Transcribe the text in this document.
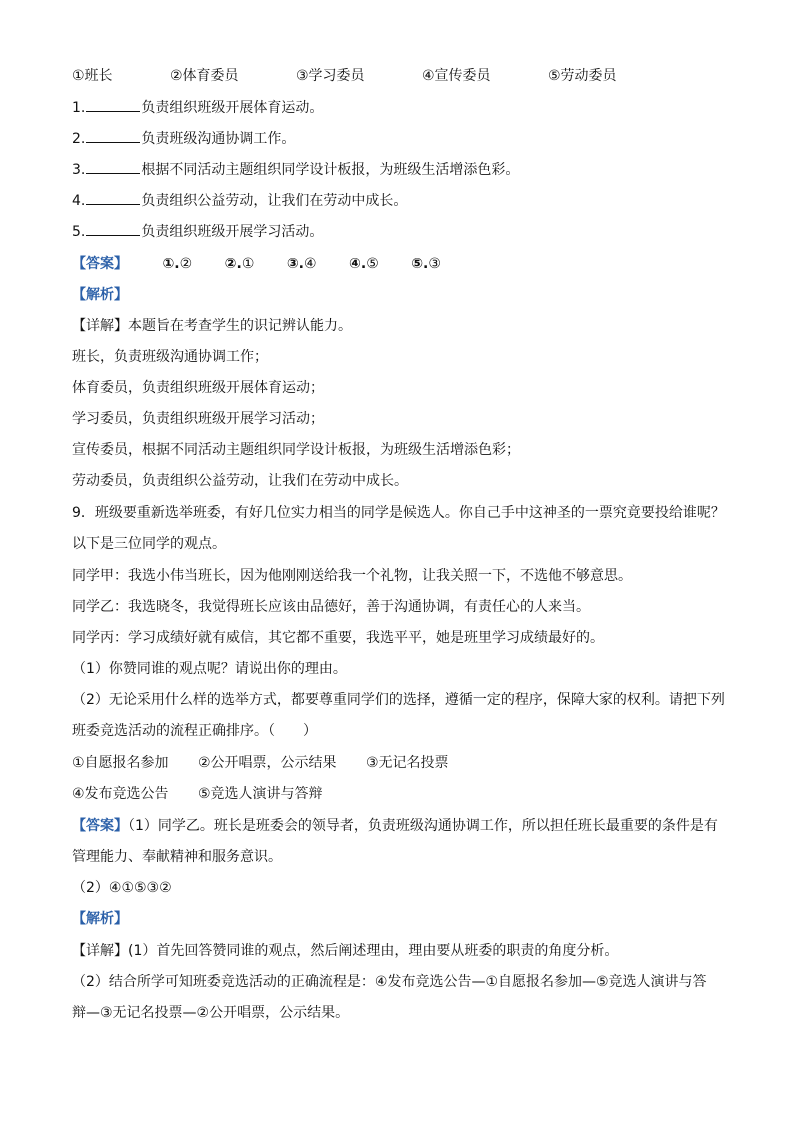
①班长	②体育委员	③学习委员	④宣传委员	⑤劳动委员
1.	负责组织班级开展体育运动。
2.	负责班级沟通协调工作。
3.	根据不同活动主题组织同学设计板报，为班级生活增添色彩。
4.	负责组织公益劳动，让我们在劳动中成长。
5.	负责组织班级开展学习活动。
【答案】 ①.② ②.① ③.④ ④.⑤ ⑤.③
【解析】
【详解】本题旨在考查学生的识记辨认能力。
班长，负责班级沟通协调工作；
体育委员，负责组织班级开展体育运动；
学习委员，负责组织班级开展学习活动；
宣传委员，根据不同活动主题组织同学设计板报，为班级生活增添色彩；
劳动委员，负责组织公益劳动，让我们在劳动中成长。
9．班级要重新选举班委，有好几位实力相当的同学是候选人。你自己手中这神圣的一票究竟要投给谁呢？
以下是三位同学的观点。
同学甲：我选小伟当班长，因为他刚刚送给我一个礼物，让我关照一下，不选他不够意思。
同学乙：我选晓冬，我觉得班长应该由品德好，善于沟通协调，有责任心的人来当。
同学丙：学习成绩好就有威信，其它都不重要，我选平平，她是班里学习成绩最好的。
（1）你赞同谁的观点呢？请说出你的理由。
（2）无论采用什么样的选举方式，都要尊重同学们的选择，遵循一定的程序，保障大家的权利。请把下列
班委竞选活动的流程正确排序。（　　）
①自愿报名参加 ②公开唱票，公示结果 ③无记名投票
④发布竞选公告 ⑤竞选人演讲与答辩
【答案】（1）同学乙。班长是班委会的领导者，负责班级沟通协调工作，所以担任班长最重要的条件是有
管理能力、奉献精神和服务意识。
（2）④①⑤③②
【解析】
【详解】(1）首先回答赞同谁的观点，然后阐述理由，理由要从班委的职责的角度分析。
（2）结合所学可知班委竞选活动的正确流程是：④发布竞选公告—①自愿报名参加—⑤竞选人演讲与答
辩—③无记名投票—②公开唱票，公示结果。
